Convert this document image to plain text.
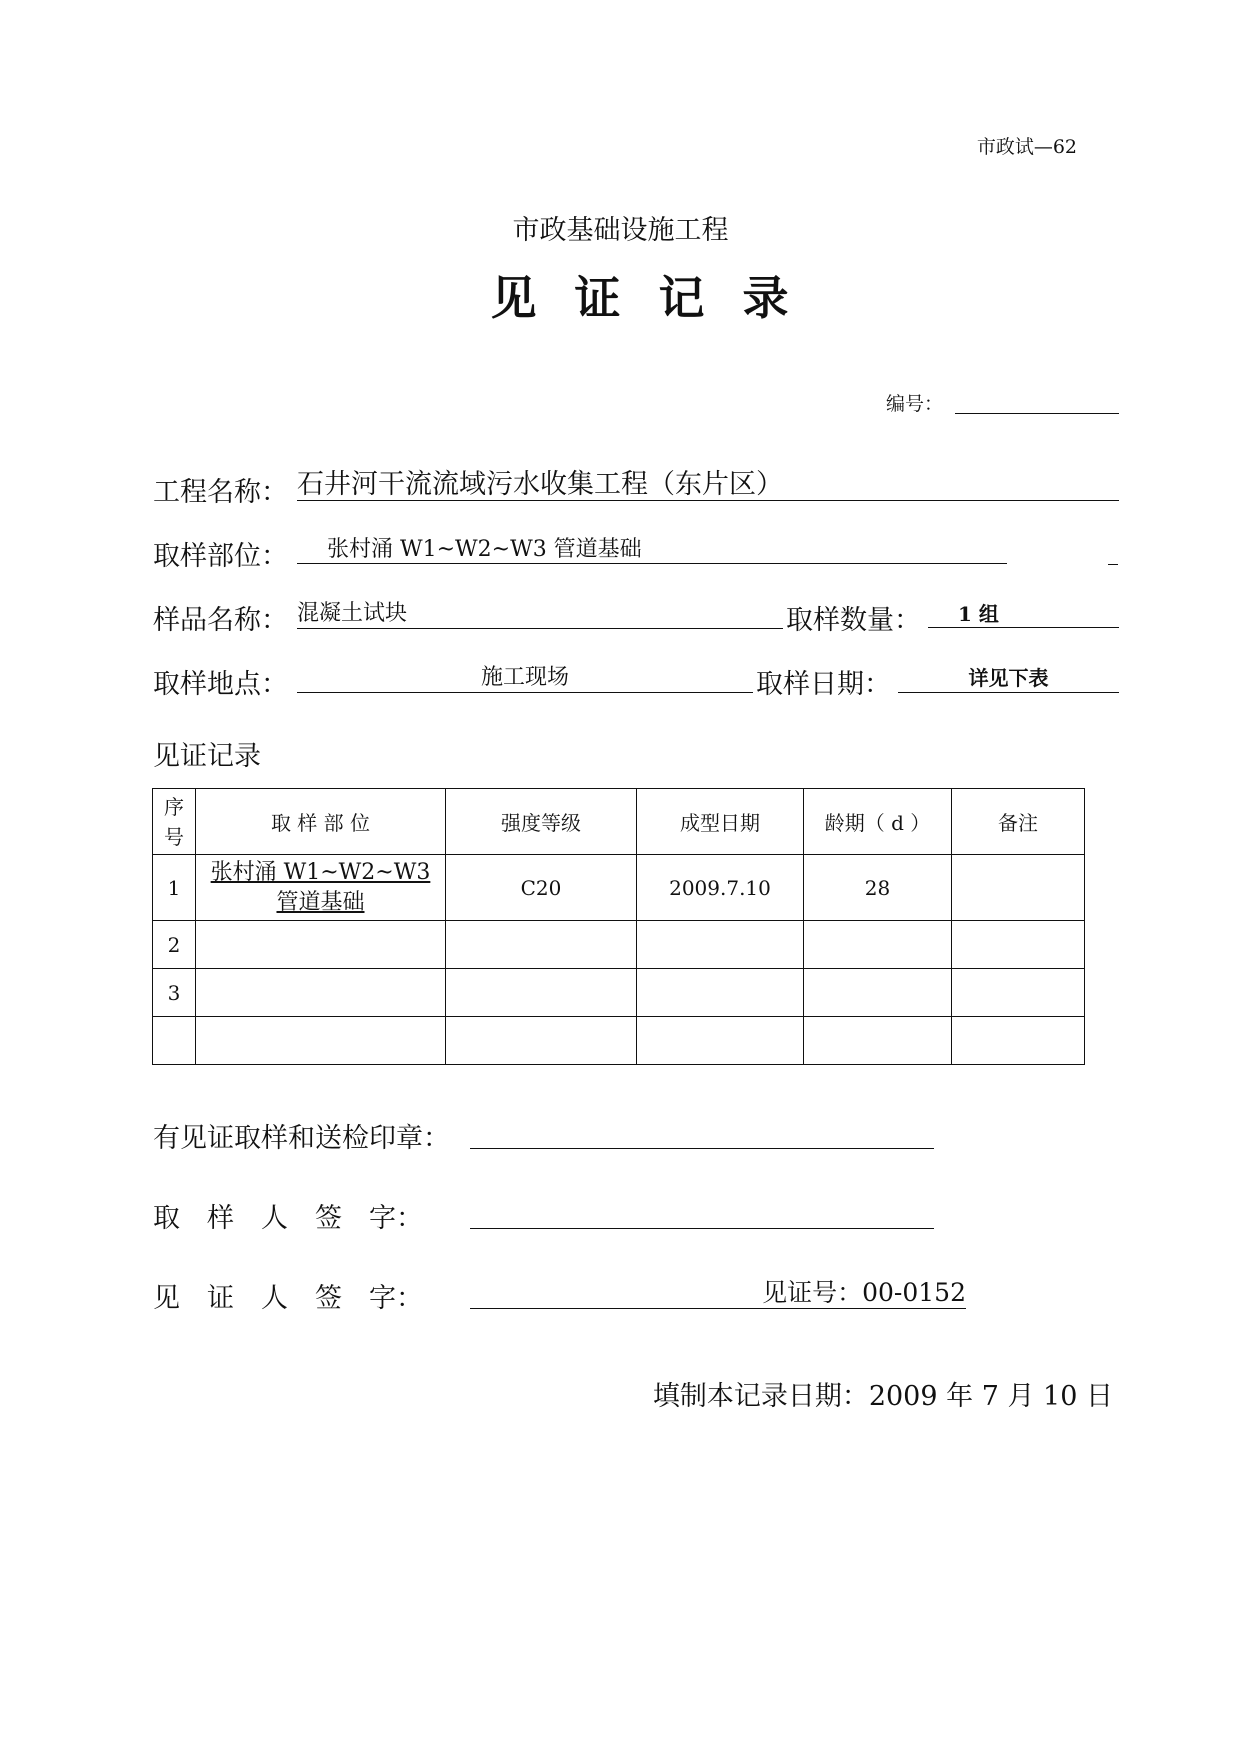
市政试—62
市政基础设施工程
见证记录
编号：
工程名称： 石井河干流流域污水收集工程（东片区）
取样部位：	张村涌 W1~W2~W3 管道基础
样品名称： 混凝土试块	取样数量：	1 组
取样地点：	施工现场	取样日期：	详见下表
见证记录
序
号	取 样 部 位	强度等级	成型日期	龄期（ d ）	备注
1	张村涌 W1~W2~W3 管道基础	C20	2009.7.10	28	
2					
3					

有见证取样和送检印章：
取　样　人　签　字：
见　证　人　签　字：	见证号：00-0152
填制本记录日期：2009 年 7 月 10 日
